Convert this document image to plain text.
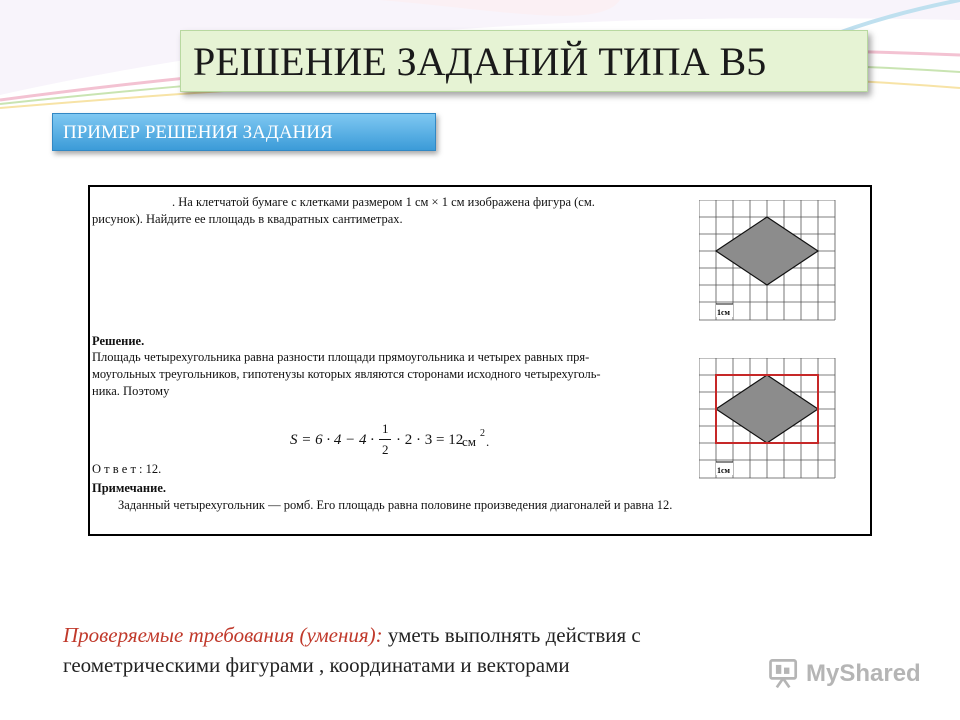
РЕШЕНИЕ ЗАДАНИЙ ТИПА B5
ПРИМЕР РЕШЕНИЯ ЗАДАНИЯ
. На клетчатой бумаге с клетками размером 1 см × 1 см изображена фигура (см.
рисунок). Найдите ее площадь в квадратных сантиметрах.
1см
Решение.
Площадь четырехугольника равна разности площади прямоугольника и четырех равных пря-
моугольных треугольников, гипотенузы которых являются сторонами исходного четырехуголь-
ника. Поэтому
S = 6 · 4 − 4 ·
1
2
· 2 · 3 = 12
см
2
.
1см
О т в е т : 12.
Примечание.
Заданный четырехугольник — ромб. Его площадь равна половине произведения диагоналей и равна 12.
Проверяемые требования (умения): уметь выполнять действия с
геометрическими фигурами , координатами и векторами	MyShared
